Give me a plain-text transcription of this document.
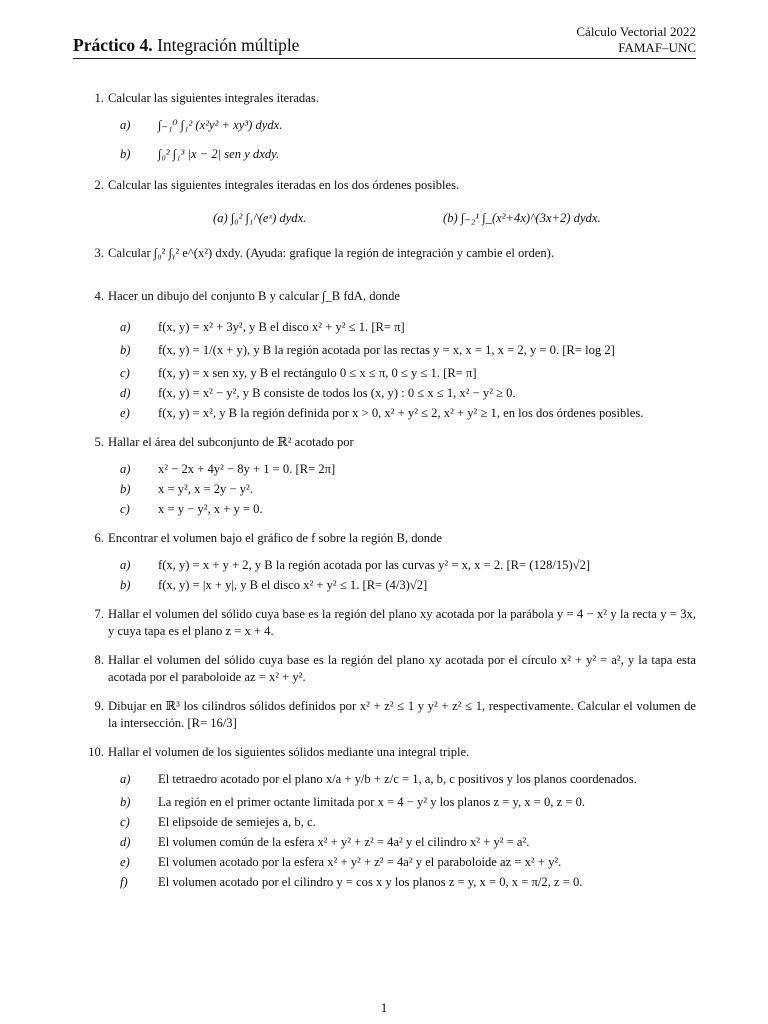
Práctico 4. Integración múltiple
Cálculo Vectorial 2022
FAMAF–UNC
1. Calcular las siguientes integrales iteradas.

a) ∫₋₁⁰ ∫₁² (x²y² + xy³) dydx.
b) ∫₀² ∫₁³ |x − 2| sen y dxdy.
2. Calcular las siguientes integrales iteradas en los dos órdenes posibles.

(a) ∫₀² ∫₁^(eˣ) dydx.	(b) ∫₋₂¹ ∫_(x²+4x)^(3x+2) dydx.
3. Calcular ∫₀² ∫ᵧ² e^(x²) dxdy. (Ayuda: grafique la región de integración y cambie el orden).

4. Hacer un dibujo del conjunto B y calcular ∫_B fdA, donde

a) f(x, y) = x² + 3y², y B el disco x² + y² ≤ 1. [R= π]
b) f(x, y) = 1/(x + y), y B la región acotada por las rectas y = x, x = 1, x = 2, y = 0. [R= log 2]
c) f(x, y) = x sen xy, y B el rectángulo 0 ≤ x ≤ π, 0 ≤ y ≤ 1. [R= π]
d) f(x, y) = x² − y², y B consiste de todos los (x, y) : 0 ≤ x ≤ 1, x² − y² ≥ 0.
e) f(x, y) = x², y B la región definida por x > 0, x² + y² ≤ 2, x² + y² ≥ 1, en los dos órdenes posibles.
5. Hallar el área del subconjunto de ℝ² acotado por

a) x² − 2x + 4y² − 8y + 1 = 0. [R= 2π]
b) x = y², x = 2y − y².
c) x = y − y², x + y = 0.
6. Encontrar el volumen bajo el gráfico de f sobre la región B, donde

a) f(x, y) = x + y + 2, y B la región acotada por las curvas y² = x, x = 2. [R= (128/15)√2]
b) f(x, y) = |x + y|, y B el disco x² + y² ≤ 1. [R= (4/3)√2]
7. Hallar el volumen del sólido cuya base es la región del plano xy acotada por la parábola y = 4 − x² y la recta y = 3x, y cuya tapa es el plano z = x + 4.

8. Hallar el volumen del sólido cuya base es la región del plano xy acotada por el círculo x² + y² = a², y la tapa esta acotada por el paraboloide az = x² + y².

9. Dibujar en ℝ³ los cilindros sólidos definidos por x² + z² ≤ 1 y y² + z² ≤ 1, respectivamente. Calcular el volumen de la intersección. [R= 16/3]

10. Hallar el volumen de los siguientes sólidos mediante una integral triple.

a) El tetraedro acotado por el plano x/a + y/b + z/c = 1, a, b, c positivos y los planos coordenados.
b) La región en el primer octante limitada por x = 4 − y² y los planos z = y, x = 0, z = 0.
c) El elipsoide de semiejes a, b, c.
d) El volumen común de la esfera x² + y² + z² = 4a² y el cilindro x² + y² = a².
e) El volumen acotado por la esfera x² + y² + z² = 4a² y el paraboloide az = x² + y².
f) El volumen acotado por el cilindro y = cos x y los planos z = y, x = 0, x = π/2, z = 0.
1
